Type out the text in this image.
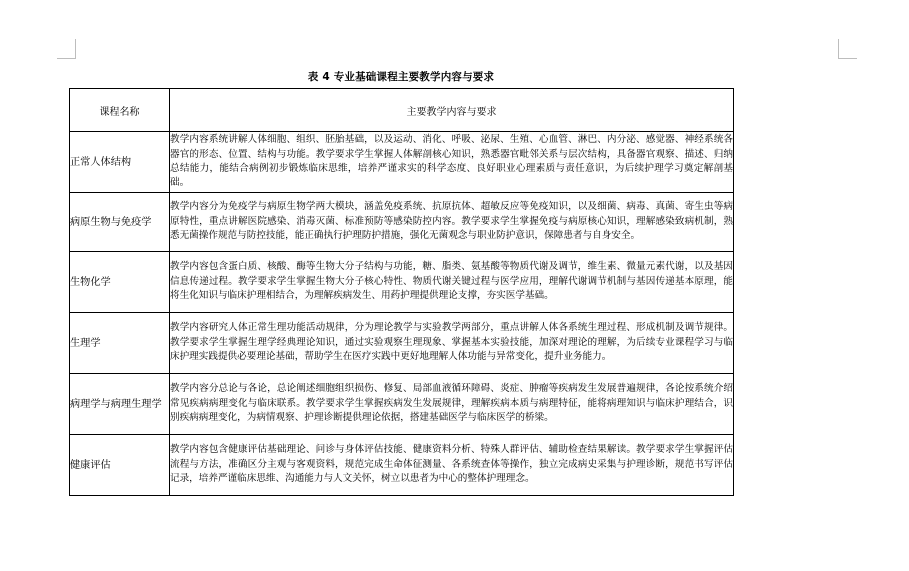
表 4 专业基础课程主要教学内容与要求
课程名称	主要教学内容与要求
正常人体结构	教学内容系统讲解人体细胞、组织、胚胎基础，以及运动、消化、呼吸、泌尿、生殖、心血管、淋巴、内分泌、感觉器、神经系统各器官的形态、位置、结构与功能。教学要求学生掌握人体解剖核心知识，熟悉器官毗邻关系与层次结构，具备器官观察、描述、归纳总结能力，能结合病例初步锻炼临床思维，培养严谨求实的科学态度、良好职业心理素质与责任意识，为后续护理学习奠定解剖基础。
病原生物与免疫学	教学内容分为免疫学与病原生物学两大模块，涵盖免疫系统、抗原抗体、超敏反应等免疫知识，以及细菌、病毒、真菌、寄生虫等病原特性，重点讲解医院感染、消毒灭菌、标准预防等感染防控内容。教学要求学生掌握免疫与病原核心知识，理解感染致病机制，熟悉无菌操作规范与防控技能，能正确执行护理防护措施，强化无菌观念与职业防护意识，保障患者与自身安全。
生物化学	教学内容包含蛋白质、核酸、酶等生物大分子结构与功能，糖、脂类、氨基酸等物质代谢及调节，维生素、微量元素代谢，以及基因信息传递过程。教学要求学生掌握生物大分子核心特性、物质代谢关键过程与医学应用，理解代谢调节机制与基因传递基本原理，能将生化知识与临床护理相结合，为理解疾病发生、用药护理提供理论支撑，夯实医学基础。
生理学	教学内容研究人体正常生理功能活动规律，分为理论教学与实验教学两部分，重点讲解人体各系统生理过程、形成机制及调节规律。教学要求学生掌握生理学经典理论知识，通过实验观察生理现象、掌握基本实验技能，加深对理论的理解，为后续专业课程学习与临床护理实践提供必要理论基础，帮助学生在医疗实践中更好地理解人体功能与异常变化，提升业务能力。
病理学与病理生理学	教学内容分总论与各论，总论阐述细胞组织损伤、修复、局部血液循环障碍、炎症、肿瘤等疾病发生发展普遍规律，各论按系统介绍常见疾病病理变化与临床联系。教学要求学生掌握疾病发生发展规律，理解疾病本质与病理特征，能将病理知识与临床护理结合，识别疾病病理变化，为病情观察、护理诊断提供理论依据，搭建基础医学与临床医学的桥梁。
健康评估	教学内容包含健康评估基础理论、问诊与身体评估技能、健康资料分析、特殊人群评估、辅助检查结果解读。教学要求学生掌握评估流程与方法，准确区分主观与客观资料，规范完成生命体征测量、各系统查体等操作，独立完成病史采集与护理诊断，规范书写评估记录，培养严谨临床思维、沟通能力与人文关怀，树立以患者为中心的整体护理理念。
